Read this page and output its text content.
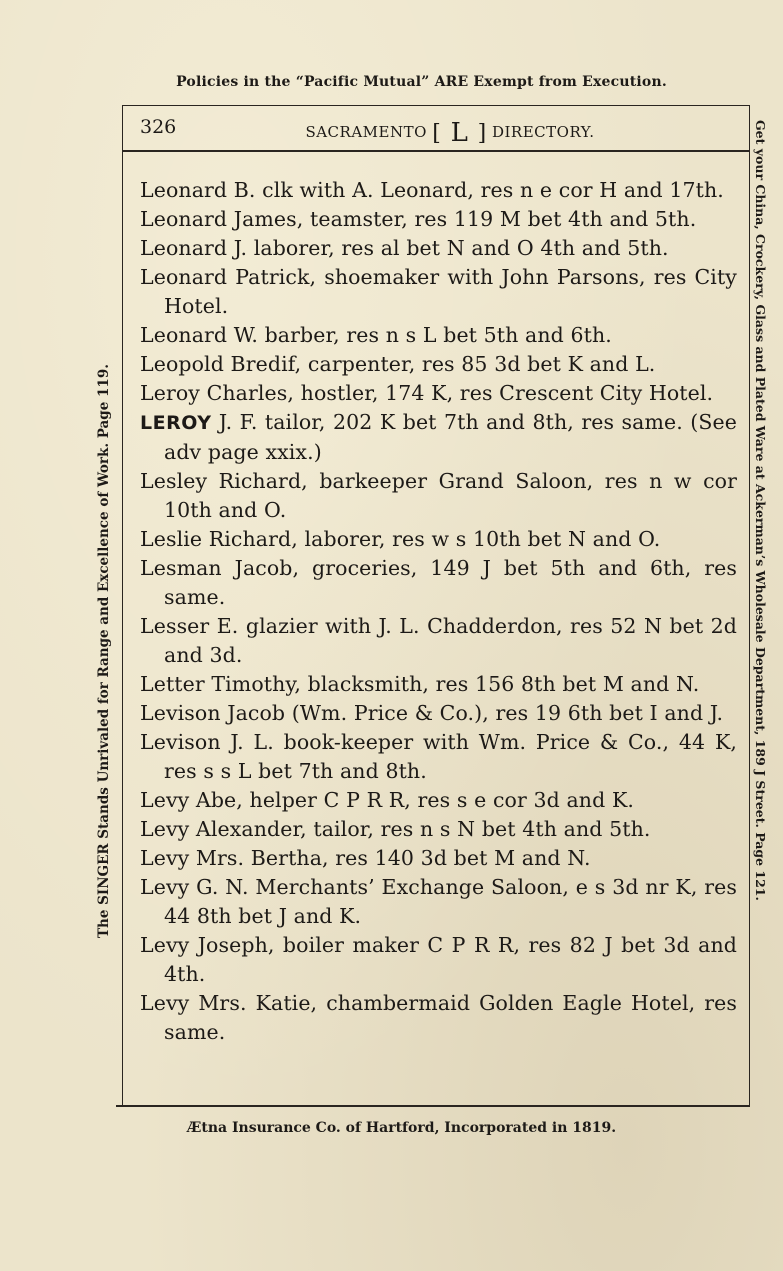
Policies in the “Pacific Mutual” ARE Exempt from Execution.
The SINGER Stands Unrivaled for Range and Excellence of Work. Page 119.	Get your China, Crockery, Glass and Plated Ware at Ackerman’s Wholesale Department, 189 J Street. Page 121.
326	SACRAMENTO [ L ] DIRECTORY.

Leonard B. clk with A. Leonard, res n e cor H and 17th.

Leonard James, teamster, res 119 M bet 4th and 5th.

Leonard J. laborer, res al bet N and O 4th and 5th.

Leonard Patrick, shoemaker with John Parsons, res City Hotel.

Leonard W. barber, res n s L bet 5th and 6th.

Leopold Bredif, carpenter, res 85 3d bet K and L.

Leroy Charles, hostler, 174 K, res Crescent City Hotel.

LEROY J. F. tailor, 202 K bet 7th and 8th, res same. (See adv page xxix.)

Lesley Richard, barkeeper Grand Saloon, res n w cor 10th and O.

Leslie Richard, laborer, res w s 10th bet N and O.

Lesman Jacob, groceries, 149 J bet 5th and 6th, res same.

Lesser E. glazier with J. L. Chadderdon, res 52 N bet 2d and 3d.

Letter Timothy, blacksmith, res 156 8th bet M and N.

Levison Jacob (Wm. Price & Co.), res 19 6th bet I and J.

Levison J. L. book-keeper with Wm. Price & Co., 44 K, res s s L bet 7th and 8th.

Levy Abe, helper C P R R, res s e cor 3d and K.

Levy Alexander, tailor, res n s N bet 4th and 5th.

Levy Mrs. Bertha, res 140 3d bet M and N.

Levy G. N. Merchants’ Exchange Saloon, e s 3d nr K, res 44 8th bet J and K.

Levy Joseph, boiler maker C P R R, res 82 J bet 3d and 4th.

Levy Mrs. Katie, chambermaid Golden Eagle Hotel, res same.

Ætna Insurance Co. of Hartford, Incorporated in 1819.
